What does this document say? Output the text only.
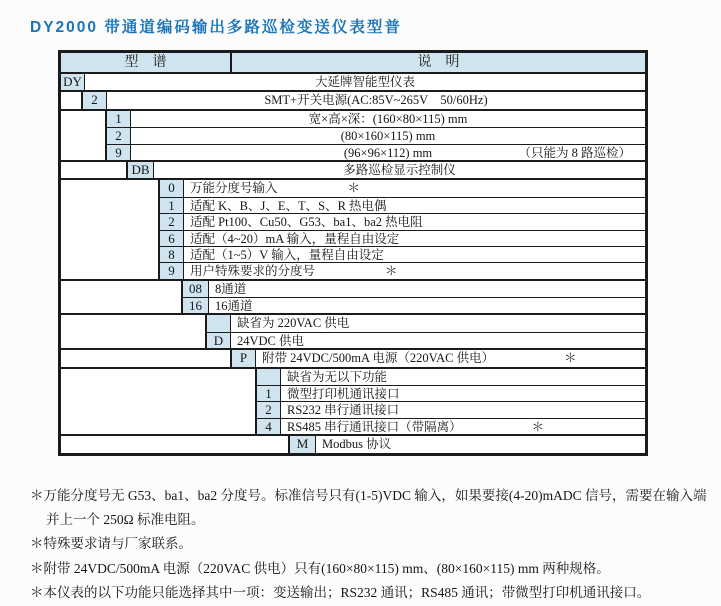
DY2000 带通道编码输出多路巡检变送仪表型普
型　谱	说　明
DY	大延牌智能型仪表
2	SMT+开关电源(AC:85V~265V　50/60Hz)
1	宽×高×深：(160×80×115) mm
2	(80×160×115) mm
9	(96×96×112) mm	（只能为 8 路巡检）
DB	多路巡检显示控制仪
0	万能分度号输入	＊
1	适配 K、B、J、E、T、S、R 热电偶
2	适配 Pt100、Cu50、G53、ba1、ba2 热电阻
6	适配（4~20）mA 输入，量程自由设定
8	适配（1~5）V 输入，量程自由设定
9	用户特殊要求的分度号	＊
08	8通道
16	16通道
缺省为 220VAC 供电
D	24VDC 供电
P	附带 24VDC/500mA 电源（220VAC 供电）	＊
缺省为无以下功能
1	微型打印机通讯接口
2	RS232 串行通讯接口
4	RS485 串行通讯接口（带隔离）	＊
M	Modbus 协议
＊万能分度号无 G53、ba1、ba2 分度号。标准信号只有(1-5)VDC 输入，如果要接(4-20)mADC 信号，需要在输入端
并上一个 250Ω 标准电阻。
＊特殊要求请与厂家联系。
＊附带 24VDC/500mA 电源（220VAC 供电）只有(160×80×115) mm、(80×160×115) mm 两种规格。
＊本仪表的以下功能只能选择其中一项：变送输出；RS232 通讯；RS485 通讯；带微型打印机通讯接口。
